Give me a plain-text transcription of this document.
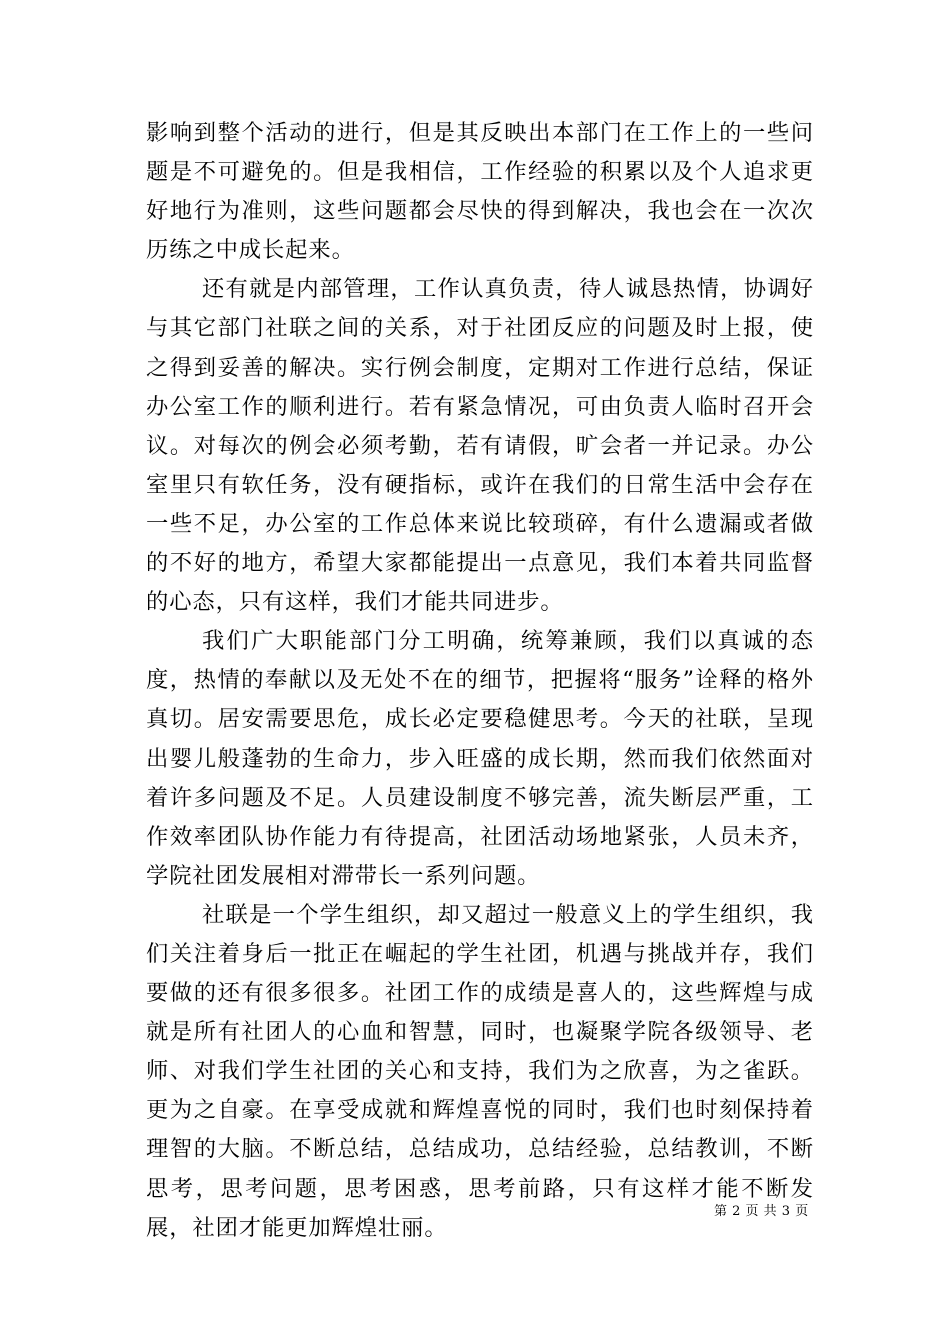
影响到整个活动的进行，但是其反映出本部门在工作上的一些问题是不可避免的。但是我相信，工作经验的积累以及个人追求更好地行为准则，这些问题都会尽快的得到解决，我也会在一次次历练之中成长起来。

还有就是内部管理，工作认真负责，待人诚恳热情，协调好与其它部门社联之间的关系，对于社团反应的问题及时上报，使之得到妥善的解决。实行例会制度，定期对工作进行总结，保证办公室工作的顺利进行。若有紧急情况，可由负责人临时召开会议。对每次的例会必须考勤，若有请假，旷会者一并记录。办公室里只有软任务，没有硬指标，或许在我们的日常生活中会存在一些不足，办公室的工作总体来说比较琐碎，有什么遗漏或者做的不好的地方，希望大家都能提出一点意见，我们本着共同监督的心态，只有这样，我们才能共同进步。

我们广大职能部门分工明确，统筹兼顾，我们以真诚的态度，热情的奉献以及无处不在的细节，把握将“服务”诠释的格外真切。居安需要思危，成长必定要稳健思考。今天的社联，呈现出婴儿般蓬勃的生命力，步入旺盛的成长期，然而我们依然面对着许多问题及不足。人员建设制度不够完善，流失断层严重，工作效率团队协作能力有待提高，社团活动场地紧张，人员未齐，学院社团发展相对滞带长一系列问题。

社联是一个学生组织，却又超过一般意义上的学生组织，我们关注着身后一批正在崛起的学生社团，机遇与挑战并存，我们要做的还有很多很多。社团工作的成绩是喜人的，这些辉煌与成就是所有社团人的心血和智慧，同时，也凝聚学院各级领导、老师、对我们学生社团的关心和支持，我们为之欣喜，为之雀跃。更为之自豪。在享受成就和辉煌喜悦的同时，我们也时刻保持着理智的大脑。不断总结，总结成功，总结经验，总结教训，不断思考，思考问题，思考困惑，思考前路，只有这样才能不断发展，社团才能更加辉煌壮丽。

第 2 页 共 3 页
